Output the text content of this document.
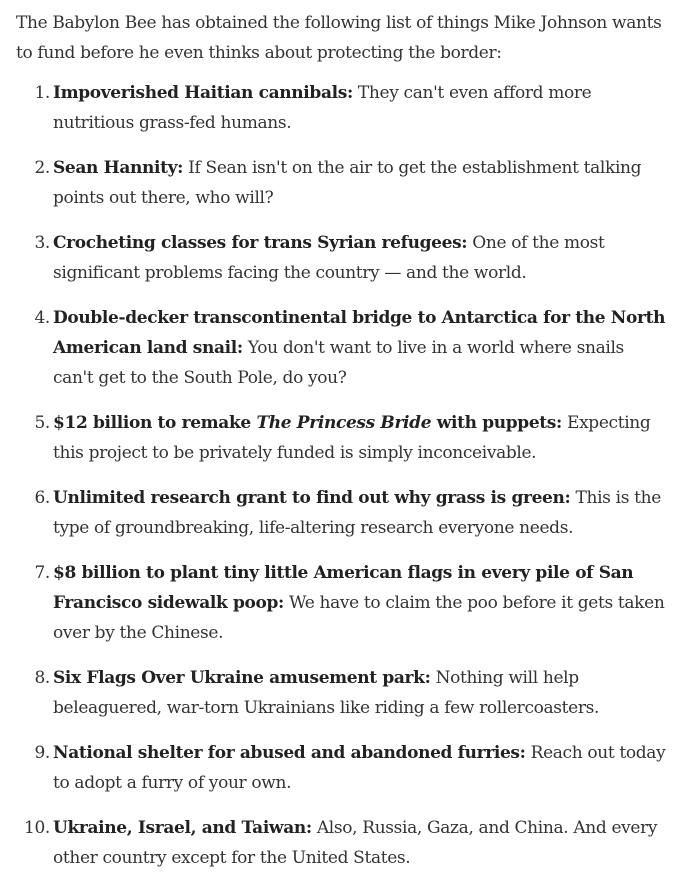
The Babylon Bee has obtained the following list of things Mike Johnson wants to fund before he even thinks about protecting the border:

1. Impoverished Haitian cannibals: They can't even afford more nutritious grass-fed humans.
2. Sean Hannity: If Sean isn't on the air to get the establishment talking points out there, who will?
3. Crocheting classes for trans Syrian refugees: One of the most significant problems facing the country — and the world.
4. Double-decker transcontinental bridge to Antarctica for the North American land snail: You don't want to live in a world where snails can't get to the South Pole, do you?
5. $12 billion to remake The Princess Bride with puppets: Expecting this project to be privately funded is simply inconceivable.
6. Unlimited research grant to find out why grass is green: This is the type of groundbreaking, life-altering research everyone needs.
7. $8 billion to plant tiny little American flags in every pile of San Francisco sidewalk poop: We have to claim the poo before it gets taken over by the Chinese.
8. Six Flags Over Ukraine amusement park: Nothing will help beleaguered, war-torn Ukrainians like riding a few rollercoasters.
9. National shelter for abused and abandoned furries: Reach out today to adopt a furry of your own.
10. Ukraine, Israel, and Taiwan: Also, Russia, Gaza, and China. And every other country except for the United States.
